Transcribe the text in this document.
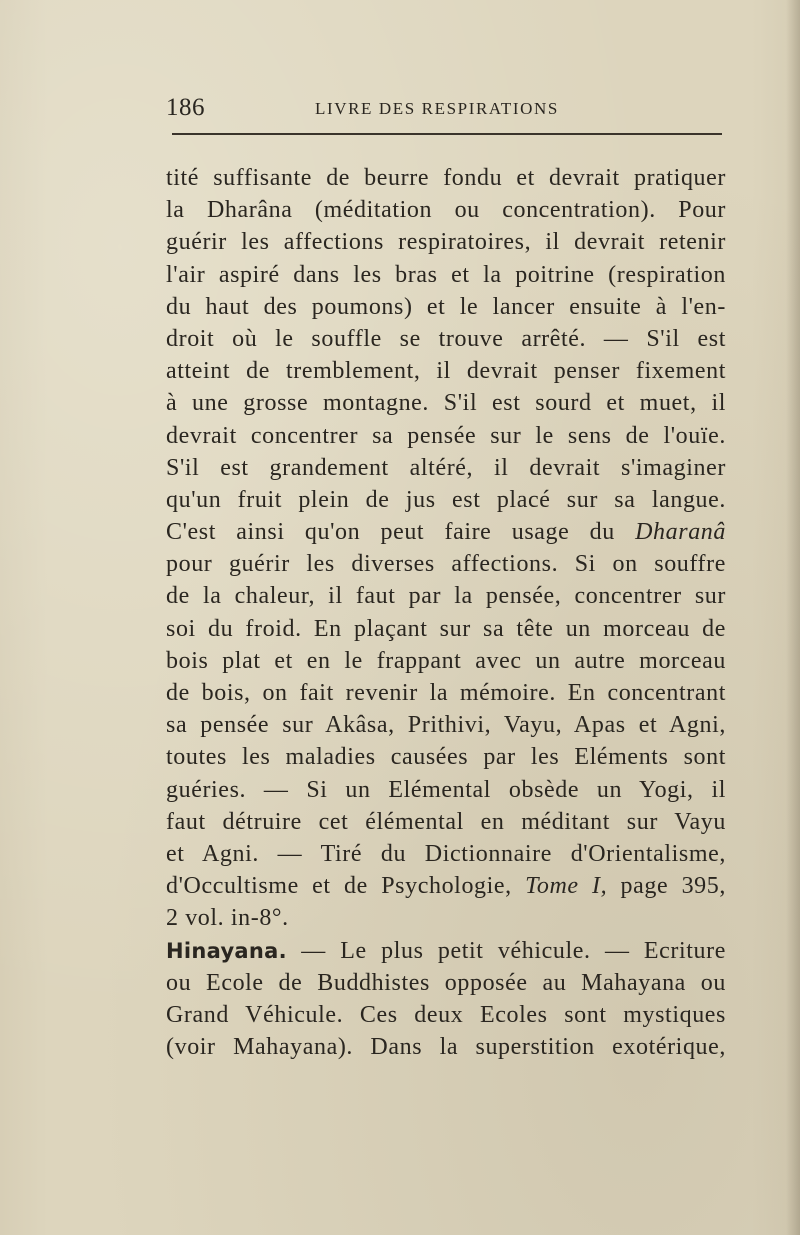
186	LIVRE DES RESPIRATIONS
tité suffisante de beurre fondu et devrait pratiquer
la Dharâna (méditation ou concentration). Pour
guérir les affections respiratoires, il devrait retenir
l'air aspiré dans les bras et la poitrine (respiration
du haut des poumons) et le lancer ensuite à l'en-
droit où le souffle se trouve arrêté. — S'il est
atteint de tremblement, il devrait penser fixement
à une grosse montagne. S'il est sourd et muet, il
devrait concentrer sa pensée sur le sens de l'ouïe.
S'il est grandement altéré, il devrait s'imaginer
qu'un fruit plein de jus est placé sur sa langue.
C'est ainsi qu'on peut faire usage du Dharanâ
pour guérir les diverses affections. Si on souffre
de la chaleur, il faut par la pensée, concentrer sur
soi du froid. En plaçant sur sa tête un morceau de
bois plat et en le frappant avec un autre morceau
de bois, on fait revenir la mémoire. En concentrant
sa pensée sur Akâsa, Prithivi, Vayu, Apas et Agni,
toutes les maladies causées par les Eléments sont
guéries. — Si un Elémental obsède un Yogi, il
faut détruire cet élémental en méditant sur Vayu
et Agni. — Tiré du Dictionnaire d'Orientalisme,
d'Occultisme et de Psychologie, Tome I, page 395,
2 vol. in-8°.
Hinayana. — Le plus petit véhicule. — Ecriture
ou Ecole de Buddhistes opposée au Mahayana ou
Grand Véhicule. Ces deux Ecoles sont mystiques
(voir Mahayana). Dans la superstition exotérique,
